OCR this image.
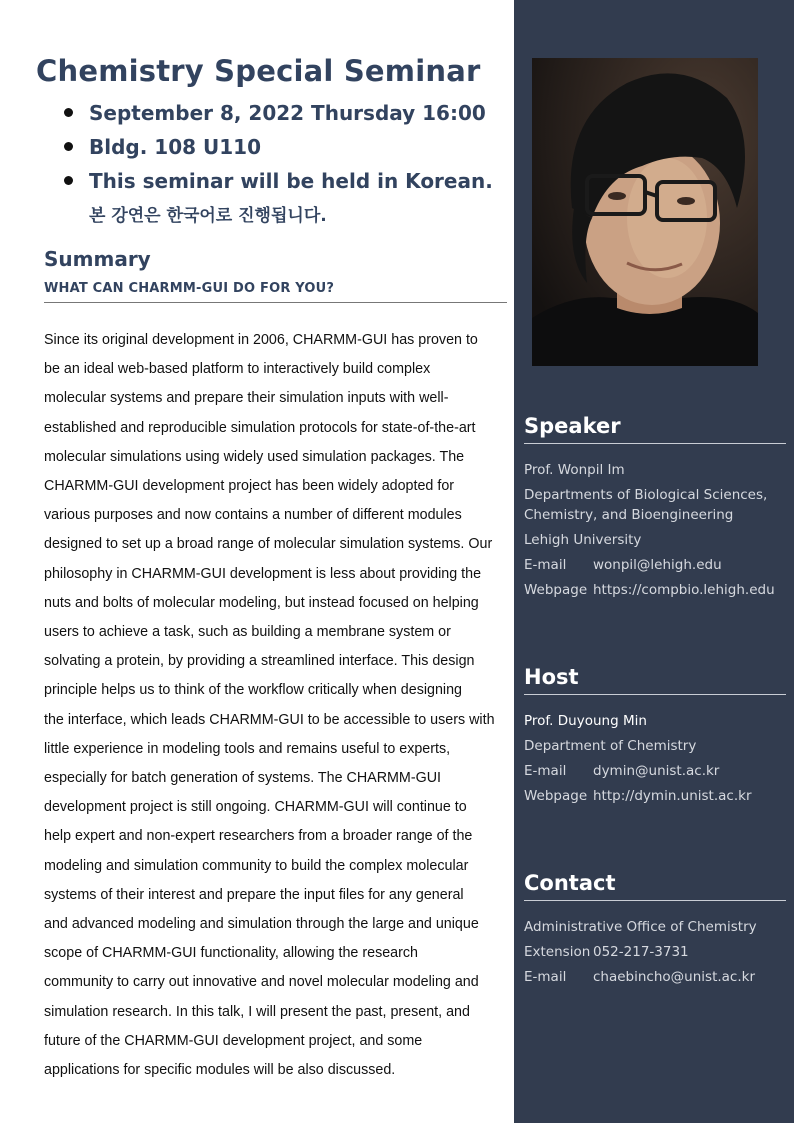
Chemistry Special Seminar
September 8, 2022 Thursday 16:00
Bldg. 108 U110
This seminar will be held in Korean.
본 강연은 한국어로 진행됩니다.
Summary
WHAT CAN CHARMM-GUI DO FOR YOU?
Since its original development in 2006, CHARMM-GUI has proven to
be an ideal web-based platform to interactively build complex
molecular systems and prepare their simulation inputs with well-
established and reproducible simulation protocols for state-of-the-art
molecular simulations using widely used simulation packages. The
CHARMM-GUI development project has been widely adopted for
various purposes and now contains a number of different modules
designed to set up a broad range of molecular simulation systems. Our
philosophy in CHARMM-GUI development is less about providing the
nuts and bolts of molecular modeling, but instead focused on helping
users to achieve a task, such as building a membrane system or
solvating a protein, by providing a streamlined interface. This design
principle helps us to think of the workflow critically when designing
the interface, which leads CHARMM-GUI to be accessible to users with
little experience in modeling tools and remains useful to experts,
especially for batch generation of systems. The CHARMM-GUI
development project is still ongoing. CHARMM-GUI will continue to
help expert and non-expert researchers from a broader range of the
modeling and simulation community to build the complex molecular
systems of their interest and prepare the input files for any general
and advanced modeling and simulation through the large and unique
scope of CHARMM-GUI functionality, allowing the research
community to carry out innovative and novel molecular modeling and
simulation research. In this talk, I will present the past, present, and
future of the CHARMM-GUI development project, and some
applications for specific modules will be also discussed.
Speaker
Prof. Wonpil Im
Departments of Biological Sciences, Chemistry, and Bioengineering
Lehigh University
E-mail wonpil@lehigh.edu
Webpage https://compbio.lehigh.edu
Host
Prof. Duyoung Min
Department of Chemistry
E-mail dymin@unist.ac.kr
Webpage http://dymin.unist.ac.kr
Contact
Administrative Office of Chemistry
Extension 052-217-3731
E-mail chaebincho@unist.ac.kr
